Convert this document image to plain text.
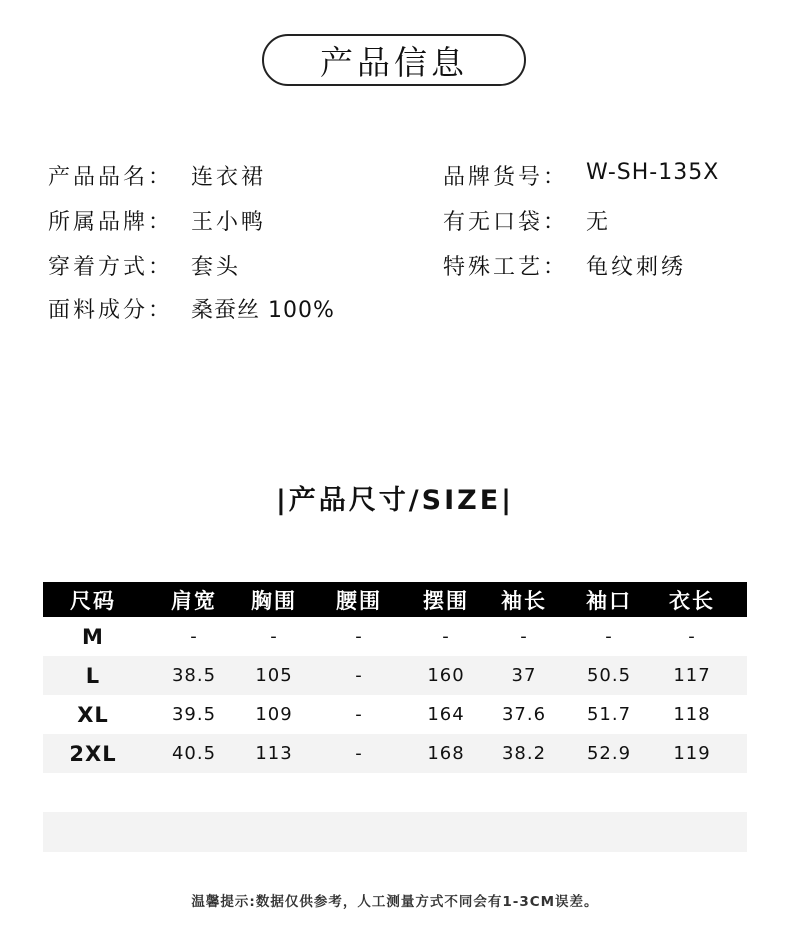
产品信息
产品品名： 连衣裙
所属品牌： 王小鸭
穿着方式： 套头
面料成分： 桑蚕丝 100%
品牌货号： W-SH-135X
有无口袋： 无
特殊工艺： 龟纹刺绣
|产品尺寸/SIZE|
尺码	肩宽 胸围 腰围 摆围 袖长 袖口 衣长
M	-	-	-	-	-	-	-
L	38.5 105	-	160	37	50.5 117
XL	39.5 109	-	164 37.6 51.7 118
2XL	40.5 113	-	168 38.2 52.9 119
温馨提示:数据仅供参考，人工测量方式不同会有1-3CM误差。
